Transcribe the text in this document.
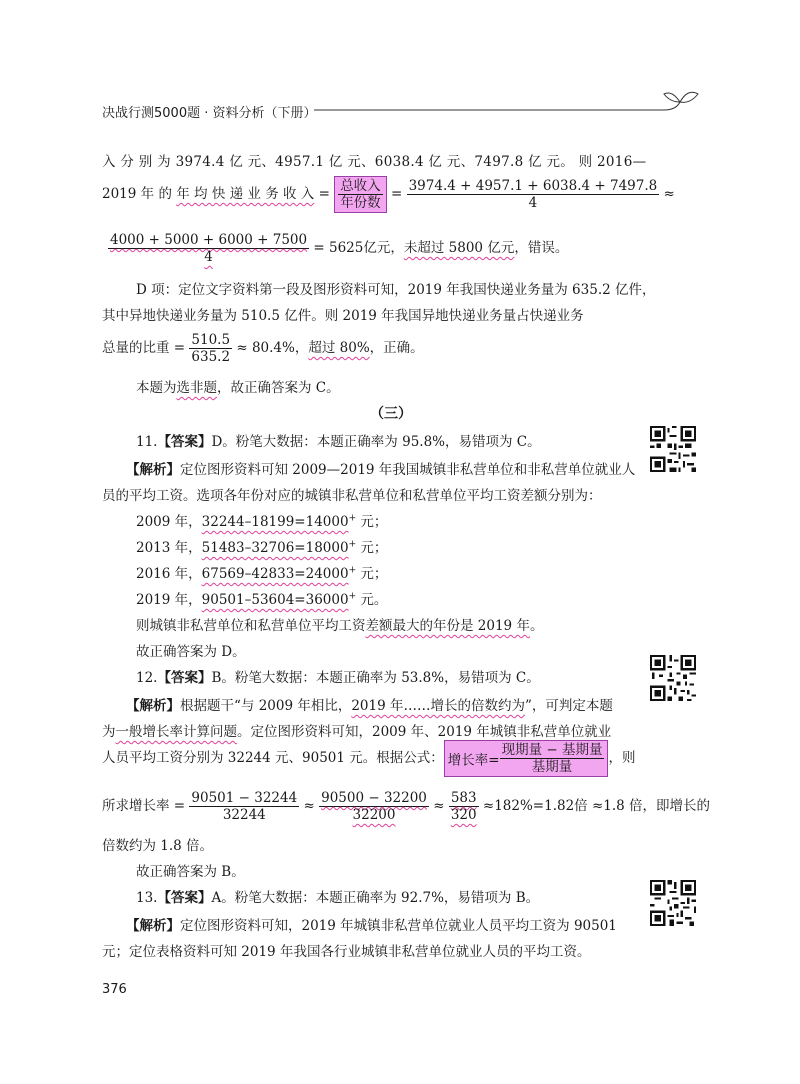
决战行测5000题 · 资料分析（下册）
入 分 别 为 3974.4 亿 元、4957.1 亿 元、6038.4 亿 元、7497.8 亿 元。 则 2016—
2019 年 的 年 均 快 递 业 务 收 入 = $\frac{\text{总收入}}{\text{年份数}} = \frac{3974.4 + 4957.1 + 6038.4 + 7497.8}{4}$ ≈
$\frac{4000 + 5000 + 6000 + 7500}{4} = 5625$亿元，未超过 5800 亿元，错误。
D 项：定位文字资料第一段及图形资料可知，2019 年我国快递业务量为 635.2 亿件，
其中异地快递业务量为 510.5 亿件。则 2019 年我国异地快递业务量占快递业务
总量的比重 = $\frac{510.5}{635.2} \approx 80.4\%$，超过 80%，正确。
本题为选非题，故正确答案为 C。
（三）
11.【答案】D。粉笔大数据：本题正确率为 95.8%，易错项为 C。
【解析】定位图形资料可知 2009—2019 年我国城镇非私营单位和非私营单位就业人
员的平均工资。选项各年份对应的城镇非私营单位和私营单位平均工资差额分别为：
2009 年，32244–18199=14000+ 元；
2013 年，51483–32706=18000+ 元；
2016 年，67569–42833=24000+ 元；
2019 年，90501–53604=36000+ 元。
则城镇非私营单位和私营单位平均工资差额最大的年份是 2019 年。
故正确答案为 D。
12.【答案】B。粉笔大数据：本题正确率为 53.8%，易错项为 C。
【解析】根据题干“与 2009 年相比，2019 年……增长的倍数约为”，可判定本题
为一般增长率计算问题。定位图形资料可知，2009 年、2019 年城镇非私营单位就业
人员平均工资分别为 32244 元、90501 元。根据公式： 增长率= $\frac{\text{现期量 − 基期量}}{\text{基期量}}$ ，则
所求增长率 = $\frac{90501 - 32244}{32244} \approx \frac{90500 - 32200}{32200} \approx \frac{583}{320} \approx 182\%=1.82$倍 ≈1.8 倍，即增长的
倍数约为 1.8 倍。
故正确答案为 B。
13.【答案】A。粉笔大数据：本题正确率为 92.7%，易错项为 B。
【解析】定位图形资料可知，2019 年城镇非私营单位就业人员平均工资为 90501
元；定位表格资料可知 2019 年我国各行业城镇非私营单位就业人员的平均工资。
376
